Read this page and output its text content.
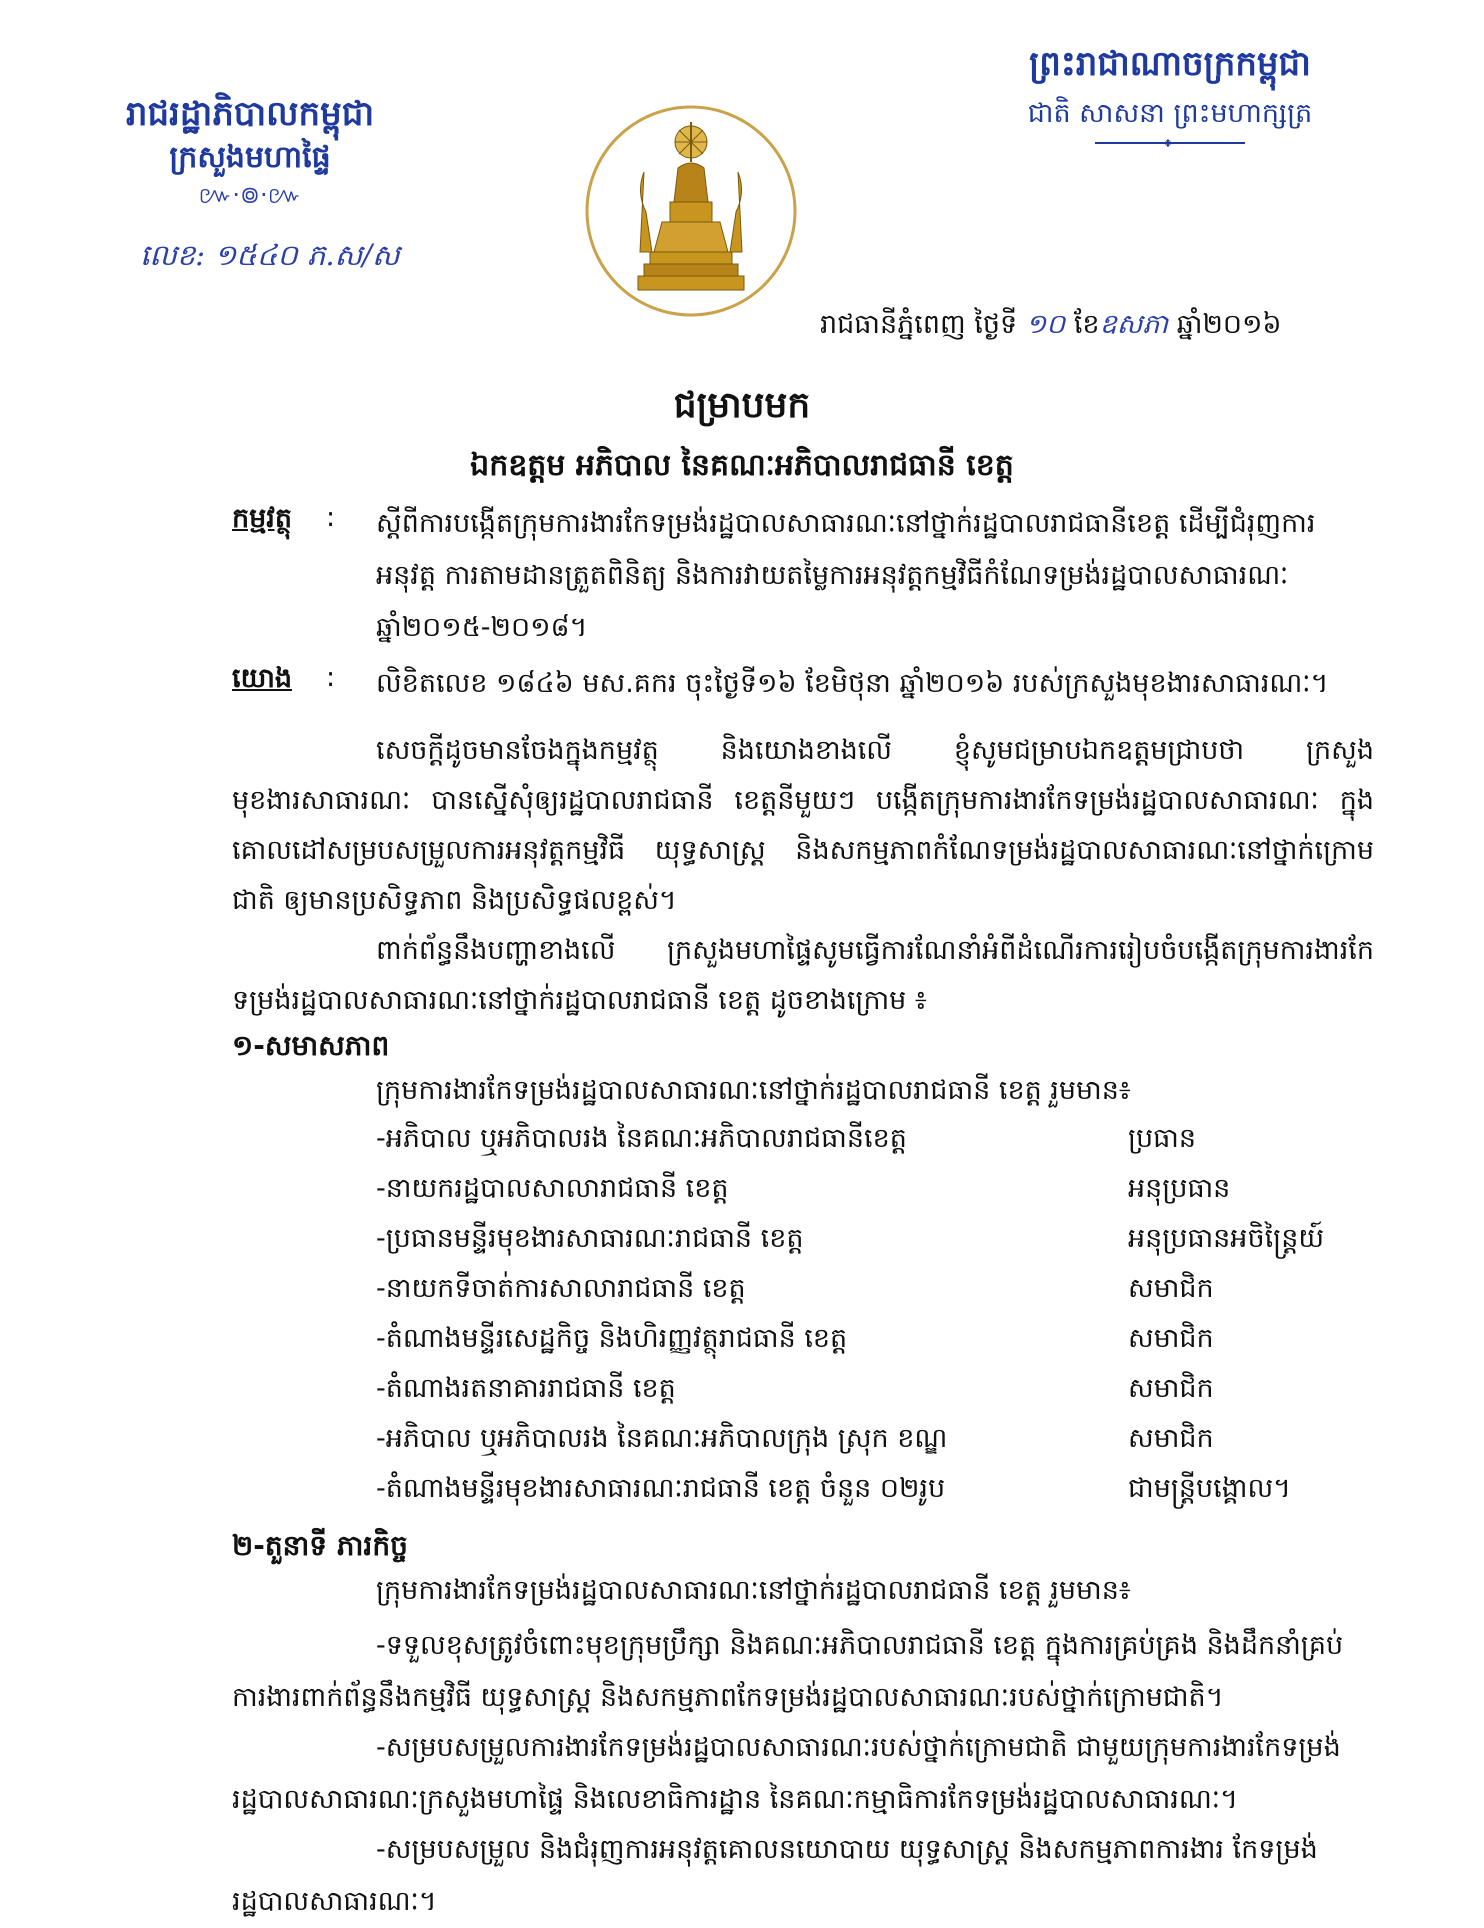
រាជរដ្ឋាភិបាលកម្ពុជា
ក្រសួងមហាផ្ទៃ
៚·៙·៚
លេខ: ១៥៤០ ភ.ស/ស
ព្រះរាជាណាចក្រកម្ពុជា
ជាតិ សាសនា ព្រះមហាក្សត្រ
❖
រាជធានីភ្នំពេញ ថ្ងៃទី ១០ ខែឧសភា ឆ្នាំ២០១៦
ជម្រាបមក
ឯកឧត្តម អភិបាល នៃគណៈអភិបាលរាជធានី ខេត្ត
កម្មវត្ថុ : ស្តីពីការបង្កើតក្រុមការងារកែទម្រង់រដ្ឋបាលសាធារណៈនៅថ្នាក់រដ្ឋបាលរាជធានីខេត្ត ដើម្បីជំរុញការអនុវត្ត ការតាមដានត្រួតពិនិត្យ និងការវាយតម្លៃការអនុវត្តកម្មវិធីកំណែទម្រង់រដ្ឋបាលសាធារណៈ ឆ្នាំ២០១៥-២០១៨។
យោង : លិខិតលេខ ១៨៤៦ មស.គករ ចុះថ្ងៃទី១៦ ខែមិថុនា ឆ្នាំ២០១៦ របស់ក្រសួងមុខងារសាធារណៈ។
សេចក្តីដូចមានចែងក្នុងកម្មវត្ថុ និងយោងខាងលើ ខ្ញុំសូមជម្រាបឯកឧត្តមជ្រាបថា ក្រសួងមុខងារសាធារណៈ បានស្នើសុំឲ្យរដ្ឋបាលរាជធានី ខេត្តនីមួយៗ បង្កើតក្រុមការងារកែទម្រង់រដ្ឋបាលសាធារណៈ ក្នុងគោលដៅសម្របសម្រួលការអនុវត្តកម្មវិធី យុទ្ធសាស្ត្រ និងសកម្មភាពកំណែទម្រង់រដ្ឋបាលសាធារណៈនៅថ្នាក់ក្រោមជាតិ ឲ្យមានប្រសិទ្ធភាព និងប្រសិទ្ធផលខ្ពស់។
ពាក់ព័ន្ធនឹងបញ្ហាខាងលើ ក្រសួងមហាផ្ទៃសូមធ្វើការណែនាំអំពីដំណើរការរៀបចំបង្កើតក្រុមការងារកែទម្រង់រដ្ឋបាលសាធារណៈនៅថ្នាក់រដ្ឋបាលរាជធានី ខេត្ត ដូចខាងក្រោម ៖
១-សមាសភាព
ក្រុមការងារកែទម្រង់រដ្ឋបាលសាធារណៈនៅថ្នាក់រដ្ឋបាលរាជធានី ខេត្ត រួមមាន៖
-អភិបាល ឬអភិបាលរង នៃគណៈអភិបាលរាជធានីខេត្ត	ប្រធាន
-នាយករដ្ឋបាលសាលារាជធានី ខេត្ត	អនុប្រធាន
-ប្រធានមន្ទីរមុខងារសាធារណៈរាជធានី ខេត្ត	អនុប្រធានអចិន្ត្រៃយ៍
-នាយកទីចាត់ការសាលារាជធានី ខេត្ត	សមាជិក
-តំណាងមន្ទីរសេដ្ឋកិច្ច និងហិរញ្ញវត្ថុរាជធានី ខេត្ត	សមាជិក
-តំណាងរតនាគាររាជធានី ខេត្ត	សមាជិក
-អភិបាល ឬអភិបាលរង នៃគណៈអភិបាលក្រុង ស្រុក ខណ្ឌ	សមាជិក
-តំណាងមន្ទីរមុខងារសាធារណៈរាជធានី ខេត្ត ចំនួន ០២រូប	ជាមន្ត្រីបង្គោល។
២-តួនាទី ភារកិច្ច
ក្រុមការងារកែទម្រង់រដ្ឋបាលសាធារណៈនៅថ្នាក់រដ្ឋបាលរាជធានី ខេត្ត រួមមាន៖
-ទទួលខុសត្រូវចំពោះមុខក្រុមប្រឹក្សា និងគណៈអភិបាលរាជធានី ខេត្ត ក្នុងការគ្រប់គ្រង និងដឹកនាំគ្រប់ការងារពាក់ព័ន្ធនឹងកម្មវិធី យុទ្ធសាស្ត្រ និងសកម្មភាពកែទម្រង់រដ្ឋបាលសាធារណៈរបស់ថ្នាក់ក្រោមជាតិ។
-សម្របសម្រួលការងារកែទម្រង់រដ្ឋបាលសាធារណៈរបស់ថ្នាក់ក្រោមជាតិ ជាមួយក្រុមការងារកែទម្រង់រដ្ឋបាលសាធារណៈក្រសួងមហាផ្ទៃ និងលេខាធិការដ្ឋាន នៃគណៈកម្មាធិការកែទម្រង់រដ្ឋបាលសាធារណៈ។
-សម្របសម្រួល និងជំរុញការអនុវត្តគោលនយោបាយ យុទ្ធសាស្ត្រ និងសកម្មភាពការងារ កែទម្រង់រដ្ឋបាលសាធារណៈ។
